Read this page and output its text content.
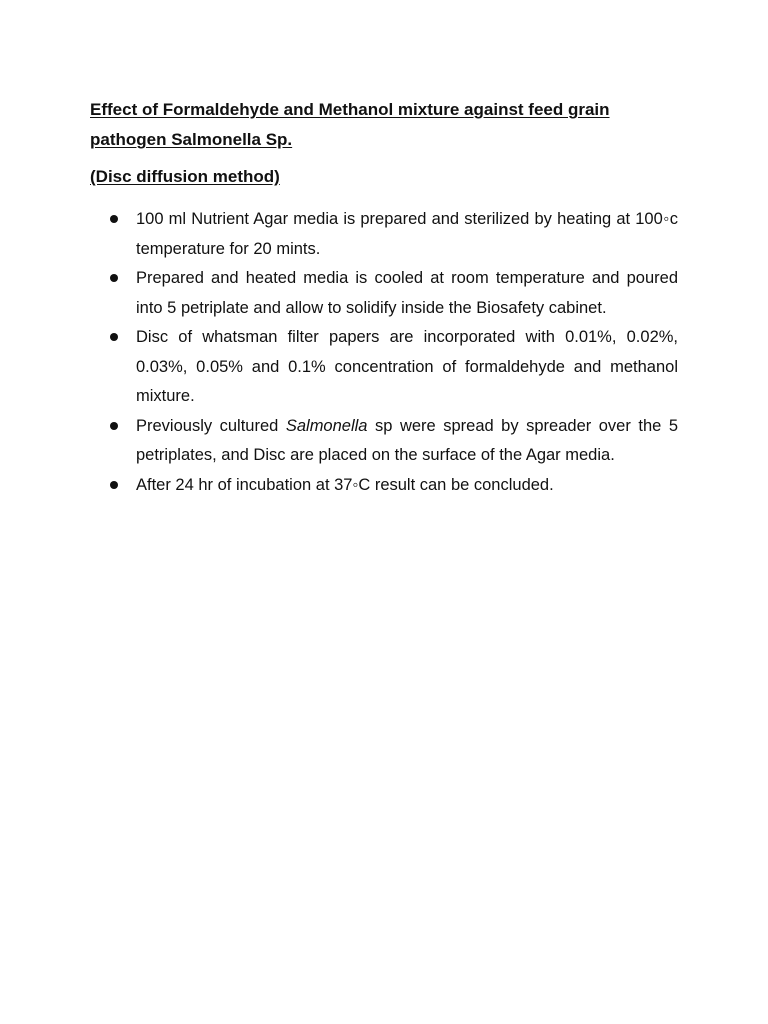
Effect of Formaldehyde and Methanol mixture against feed grain pathogen Salmonella Sp.
(Disc diffusion method)
100 ml Nutrient Agar media is prepared and sterilized by heating at 100◦c temperature for 20 mints.
Prepared and heated media is cooled at room temperature and poured into 5 petriplate and allow to solidify inside the Biosafety cabinet.
Disc of whatsman filter papers are incorporated with 0.01%, 0.02%, 0.03%, 0.05% and 0.1% concentration of formaldehyde and methanol mixture.
Previously cultured Salmonella sp were spread by spreader over the 5 petriplates, and Disc are placed on the surface of the Agar media.
After 24 hr of incubation at 37◦C result can be concluded.
